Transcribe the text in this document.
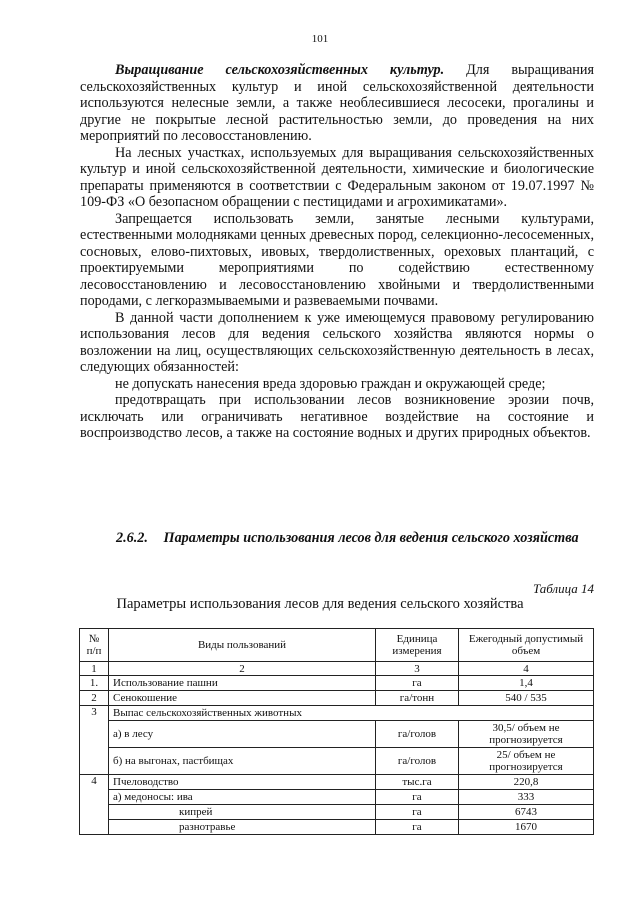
101

Выращивание сельскохозяйственных культур. Для выращивания сельскохозяйственных культур и иной сельскохозяйственной деятельности используются нелесные земли, а также необлесившиеся лесосеки, прогалины и другие не покрытые лесной растительностью земли, до проведения на них мероприятий по лесовосстановлению.

На лесных участках, используемых для выращивания сельскохозяйственных культур и иной сельскохозяйственной деятельности, химические и биологические препараты применяются в соответствии с Федеральным законом от 19.07.1997 № 109-ФЗ «О безопасном обращении с пестицидами и агрохимикатами».

Запрещается использовать земли, занятые лесными культурами, естественными молодняками ценных древесных пород, селекционно-лесосеменных, сосновых, елово-пихтовых, ивовых, твердолиственных, ореховых плантаций, с проектируемыми мероприятиями по содействию естественному лесовосстановлению и лесовосстановлению хвойными и твердолиственными породами, с легкоразмываемыми и развеваемыми почвами.

В данной части дополнением к уже имеющемуся правовому регулированию использования лесов для ведения сельского хозяйства являются нормы о возложении на лиц, осуществляющих сельскохозяйственную деятельность в лесах, следующих обязанностей:

не допускать нанесения вреда здоровью граждан и окружающей среде;

предотвращать при использовании лесов возникновение эрозии почв, исключать или ограничивать негативное воздействие на состояние и воспроизводство лесов, а также на состояние водных и других природных объектов.

2.6.2. Параметры использования лесов для ведения сельского хозяйства
Таблица 14
Параметры использования лесов для ведения сельского хозяйства
№ п/п	Виды пользований	Единица измерения	Ежегодный допустимый объем
1	2	3	4
1.	Использование пашни	га	1,4
2	Сенокошение	га/тонн	540 / 535
3	Выпас сельскохозяйственных животных		
	а) в лесу	га/голов	30,5/ объем не прогнозируется
	б) на выгонах, пастбищах	га/голов	25/ объем не прогнозируется
4	Пчеловодство	тыс.га	220,8
	а) медоносы: ива	га	333
	кипрей	га	6743
	разнотравье	га	1670
